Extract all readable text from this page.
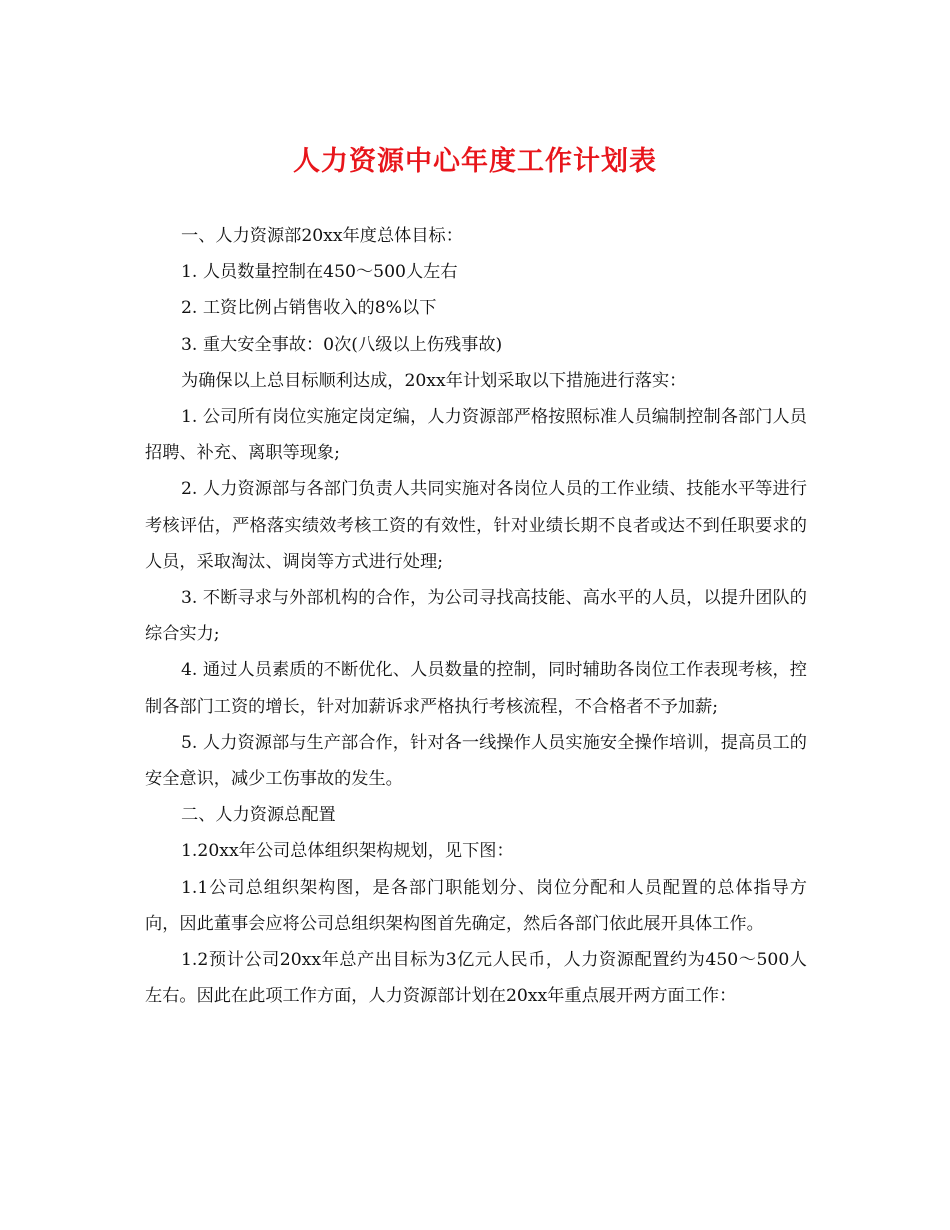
人力资源中心年度工作计划表

一、人力资源部20xx年度总体目标：

1. 人员数量控制在450～500人左右

2. 工资比例占销售收入的8%以下

3. 重大安全事故：0次(八级以上伤残事故)

为确保以上总目标顺利达成，20xx年计划采取以下措施进行落实：

1. 公司所有岗位实施定岗定编，人力资源部严格按照标准人员编制控制各部门人员招聘、补充、离职等现象;

2. 人力资源部与各部门负责人共同实施对各岗位人员的工作业绩、技能水平等进行考核评估，严格落实绩效考核工资的有效性，针对业绩长期不良者或达不到任职要求的人员，采取淘汰、调岗等方式进行处理;

3. 不断寻求与外部机构的合作，为公司寻找高技能、高水平的人员，以提升团队的综合实力;

4. 通过人员素质的不断优化、人员数量的控制，同时辅助各岗位工作表现考核，控制各部门工资的增长，针对加薪诉求严格执行考核流程，不合格者不予加薪;

5. 人力资源部与生产部合作，针对各一线操作人员实施安全操作培训，提高员工的安全意识，减少工伤事故的发生。

二、人力资源总配置

1.20xx年公司总体组织架构规划，见下图：

1.1公司总组织架构图，是各部门职能划分、岗位分配和人员配置的总体指导方向，因此董事会应将公司总组织架构图首先确定，然后各部门依此展开具体工作。

1.2预计公司20xx年总产出目标为3亿元人民币，人力资源配置约为450～500人左右。因此在此项工作方面，人力资源部计划在20xx年重点展开两方面工作：
